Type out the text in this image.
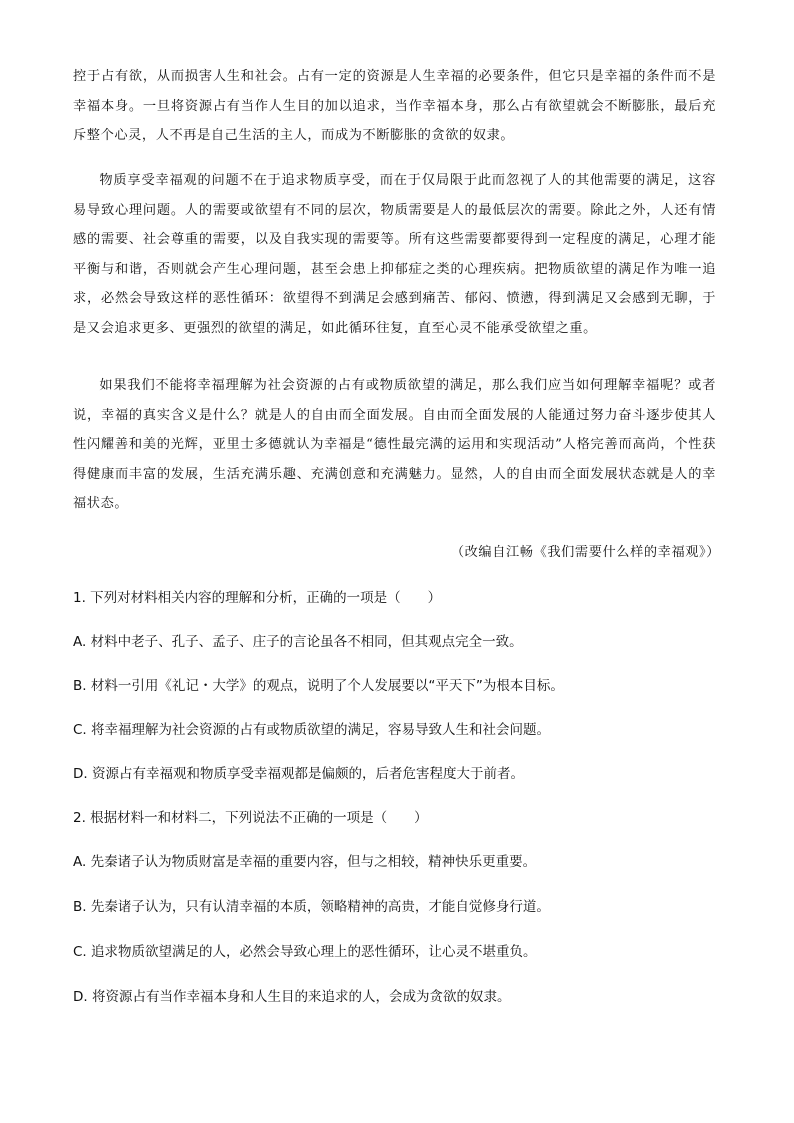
控于占有欲，从而损害人生和社会。占有一定的资源是人生幸福的必要条件，但它只是幸福的条件而不是幸福本身。一旦将资源占有当作人生目的加以追求，当作幸福本身，那么占有欲望就会不断膨胀，最后充斥整个心灵，人不再是自己生活的主人，而成为不断膨胀的贪欲的奴隶。
物质享受幸福观的问题不在于追求物质享受，而在于仅局限于此而忽视了人的其他需要的满足，这容易导致心理问题。人的需要或欲望有不同的层次，物质需要是人的最低层次的需要。除此之外，人还有情感的需要、社会尊重的需要，以及自我实现的需要等。所有这些需要都要得到一定程度的满足，心理才能平衡与和谐，否则就会产生心理问题，甚至会患上抑郁症之类的心理疾病。把物质欲望的满足作为唯一追求，必然会导致这样的恶性循环：欲望得不到满足会感到痛苦、郁闷、愤懑，得到满足又会感到无聊，于是又会追求更多、更强烈的欲望的满足，如此循环往复，直至心灵不能承受欲望之重。
如果我们不能将幸福理解为社会资源的占有或物质欲望的满足，那么我们应当如何理解幸福呢？或者说，幸福的真实含义是什么？就是人的自由而全面发展。自由而全面发展的人能通过努力奋斗逐步使其人性闪耀善和美的光辉，亚里士多德就认为幸福是“德性最完满的运用和实现活动”人格完善而高尚，个性获得健康而丰富的发展，生活充满乐趣、充满创意和充满魅力。显然，人的自由而全面发展状态就是人的幸福状态。
（改编自江畅《我们需要什么样的幸福观》）
1. 下列对材料相关内容的理解和分析，正确的一项是（　　）
A. 材料中老子、孔子、孟子、庄子的言论虽各不相同，但其观点完全一致。
B. 材料一引用《礼记・大学》的观点，说明了个人发展要以“平天下”为根本目标。
C. 将幸福理解为社会资源的占有或物质欲望的满足，容易导致人生和社会问题。
D. 资源占有幸福观和物质享受幸福观都是偏颇的，后者危害程度大于前者。
2. 根据材料一和材料二，下列说法不正确的一项是（　　）
A. 先秦诸子认为物质财富是幸福的重要内容，但与之相较，精神快乐更重要。
B. 先秦诸子认为，只有认清幸福的本质，领略精神的高贵，才能自觉修身行道。
C. 追求物质欲望满足的人，必然会导致心理上的恶性循环，让心灵不堪重负。
D. 将资源占有当作幸福本身和人生目的来追求的人，会成为贪欲的奴隶。
